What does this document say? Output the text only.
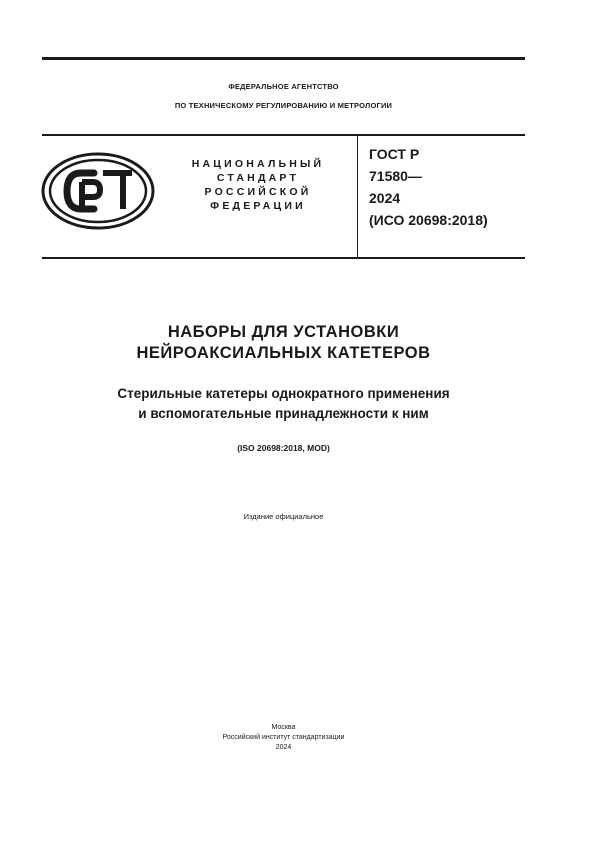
ФЕДЕРАЛЬНОЕ АГЕНТСТВО
ПО ТЕХНИЧЕСКОМУ РЕГУЛИРОВАНИЮ И МЕТРОЛОГИИ
НАЦИОНАЛЬНЫЙ
СТАНДАРТ
РОССИЙСКОЙ
ФЕДЕРАЦИИ
ГОСТ Р
71580—
2024
(ИСО 20698:2018)
НАБОРЫ ДЛЯ УСТАНОВКИ
НЕЙРОАКСИАЛЬНЫХ КАТЕТЕРОВ
Стерильные катетеры однократного применения
и вспомогательные принадлежности к ним
(ISO 20698:2018, MOD)
Издание официальное
Москва
Российский институт стандартизации
2024
